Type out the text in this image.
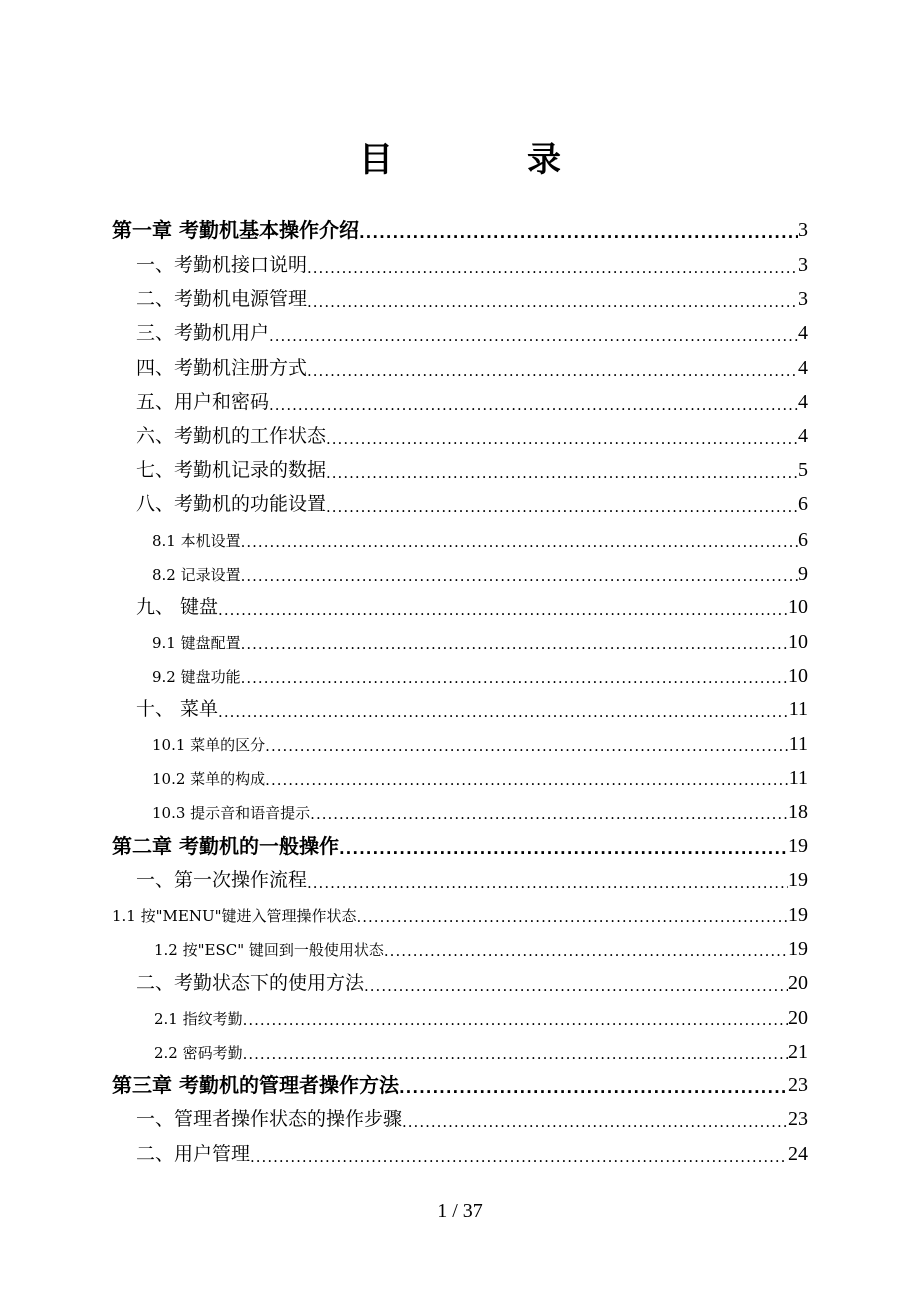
目　录
第一章 考勤机基本操作介绍 .....	3
一、考勤机接口说明 .....	3
二、考勤机电源管理 .....	3
三、考勤机用户 .....	4
四、考勤机注册方式 .....	4
五、用户和密码 .....	4
六、考勤机的工作状态 .....	4
七、考勤机记录的数据 .....	5
八、考勤机的功能设置 .....	6
8.1 本机设置 .....	6
8.2 记录设置 .....	9
九、 键盘 .....	10
9.1 键盘配置 .....	10
9.2 键盘功能 .....	10
十、 菜单 .....	11
10.1 菜单的区分 .....	11
10.2 菜单的构成 .....	11
10.3 提示音和语音提示 .....	18
第二章 考勤机的一般操作 .....	19
一、第一次操作流程 .....	19
1.1 按"MENU"键进入管理操作状态 .....	19
1.2 按"ESC" 键回到一般使用状态 .....	19
二、考勤状态下的使用方法 .....	20
2.1 指纹考勤 .....	20
2.2 密码考勤 .....	21
第三章 考勤机的管理者操作方法 .....	23
一、管理者操作状态的操作步骤 .....	23
二、用户管理 .....	24
1 / 37
